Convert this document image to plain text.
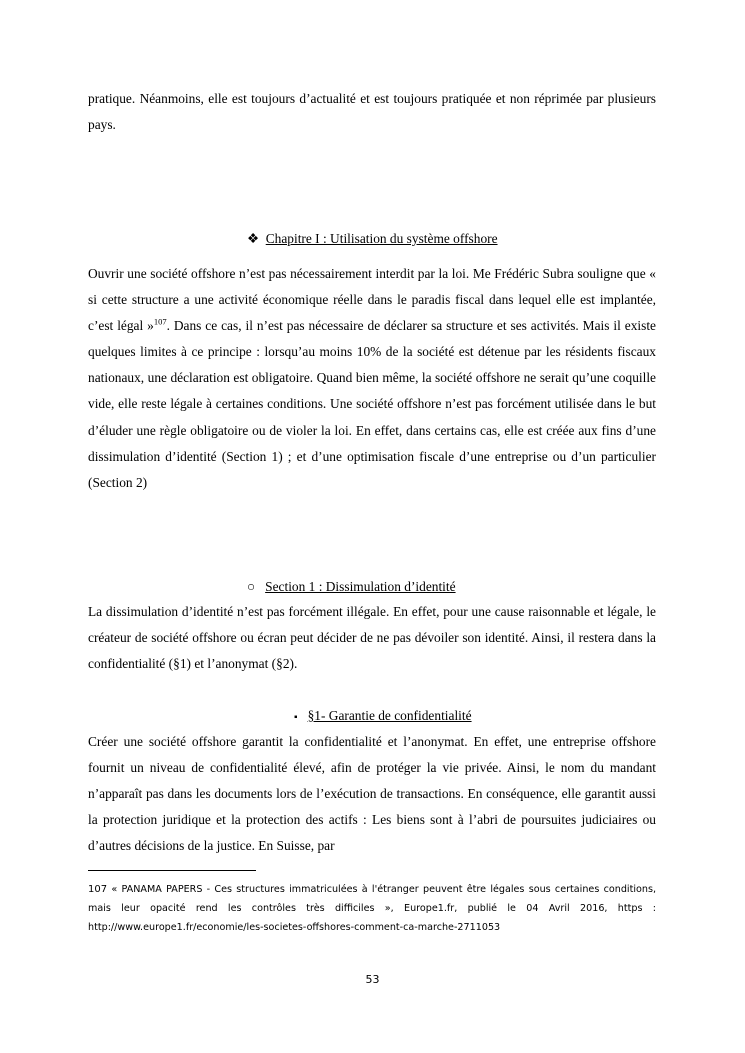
pratique. Néanmoins, elle est toujours d’actualité et est toujours pratiquée et non réprimée par plusieurs pays.

❖ Chapitre I : Utilisation du système offshore

Ouvrir une société offshore n’est pas nécessairement interdit par la loi. Me Frédéric Subra souligne que « si cette structure a une activité économique réelle dans le paradis fiscal dans lequel elle est implantée, c’est légal »$^{107}$. Dans ce cas, il n’est pas nécessaire de déclarer sa structure et ses activités. Mais il existe quelques limites à ce principe : lorsqu’au moins 10% de la société est détenue par les résidents fiscaux nationaux, une déclaration est obligatoire. Quand bien même, la société offshore ne serait qu’une coquille vide, elle reste légale à certaines conditions. Une société offshore n’est pas forcément utilisée dans le but d’éluder une règle obligatoire ou de violer la loi. En effet, dans certains cas, elle est créée aux fins d’une dissimulation d’identité (Section 1) ; et d’une optimisation fiscale d’une entreprise ou d’un particulier (Section 2)

○ Section 1 : Dissimulation d’identité

La dissimulation d’identité n’est pas forcément illégale. En effet, pour une cause raisonnable et légale, le créateur de société offshore ou écran peut décider de ne pas dévoiler son identité. Ainsi, il restera dans la confidentialité (§1) et l’anonymat (§2).

▪ §1- Garantie de confidentialité

Créer une société offshore garantit la confidentialité et l’anonymat. En effet, une entreprise offshore fournit un niveau de confidentialité élevé, afin de protéger la vie privée. Ainsi, le nom du mandant n’apparaît pas dans les documents lors de l’exécution de transactions. En conséquence, elle garantit aussi la protection juridique et la protection des actifs : Les biens sont à l’abri de poursuites judiciaires ou d’autres décisions de la justice. En Suisse, par

107 « PANAMA PAPERS - Ces structures immatriculées à l'étranger peuvent être légales sous certaines conditions, mais leur opacité rend les contrôles très difficiles », Europe1.fr, publié le 04 Avril 2016, https : http://www.europe1.fr/economie/les-societes-offshores-comment-ca-marche-2711053

53
